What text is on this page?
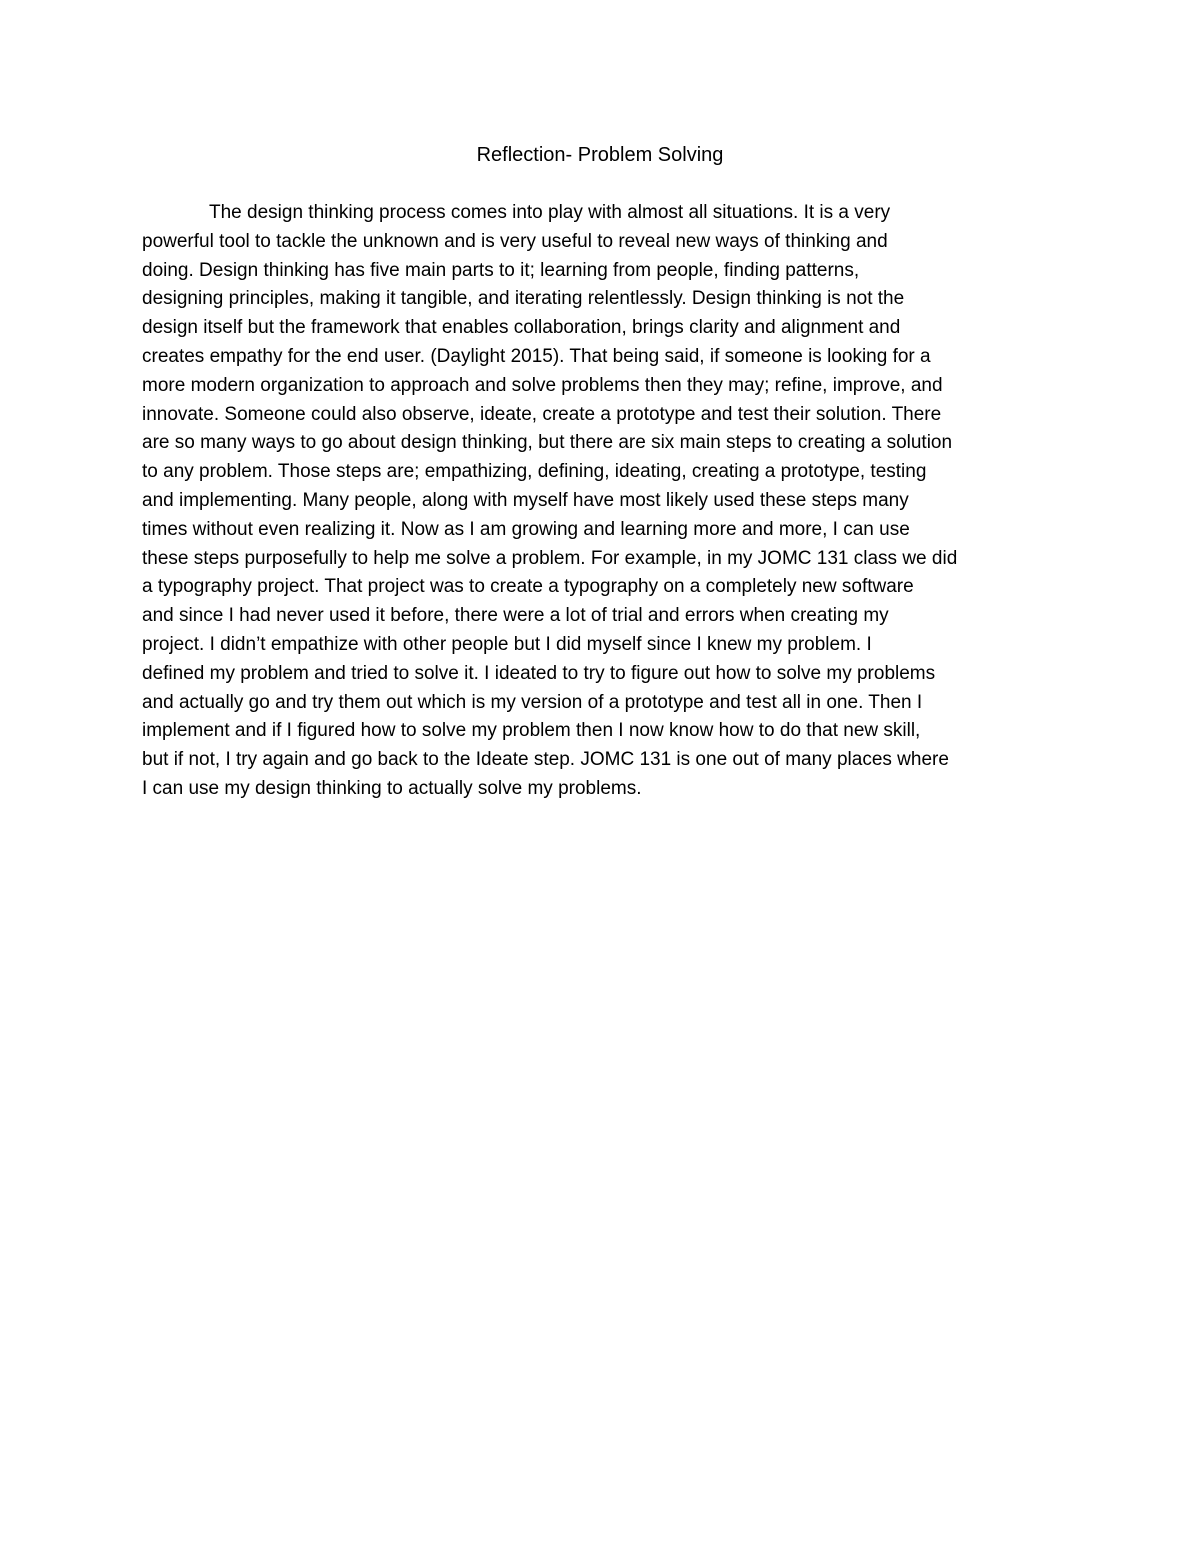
Reflection- Problem Solving
The design thinking process comes into play with almost all situations. It is a very
powerful tool to tackle the unknown and is very useful to reveal new ways of thinking and
doing. Design thinking has five main parts to it; learning from people, finding patterns,
designing principles, making it tangible, and iterating relentlessly. Design thinking is not the
design itself but the framework that enables collaboration, brings clarity and alignment and
creates empathy for the end user. (Daylight 2015). That being said, if someone is looking for a
more modern organization to approach and solve problems then they may; refine, improve, and
innovate. Someone could also observe, ideate, create a prototype and test their solution. There
are so many ways to go about design thinking, but there are six main steps to creating a solution
to any problem. Those steps are; empathizing, defining, ideating, creating a prototype, testing
and implementing. Many people, along with myself have most likely used these steps many
times without even realizing it. Now as I am growing and learning more and more, I can use
these steps purposefully to help me solve a problem. For example, in my JOMC 131 class we did
a typography project. That project was to create a typography on a completely new software
and since I had never used it before, there were a lot of trial and errors when creating my
project. I didn’t empathize with other people but I did myself since I knew my problem. I
defined my problem and tried to solve it. I ideated to try to figure out how to solve my problems
and actually go and try them out which is my version of a prototype and test all in one. Then I
implement and if I figured how to solve my problem then I now know how to do that new skill,
but if not, I try again and go back to the Ideate step. JOMC 131 is one out of many places where
I can use my design thinking to actually solve my problems.
